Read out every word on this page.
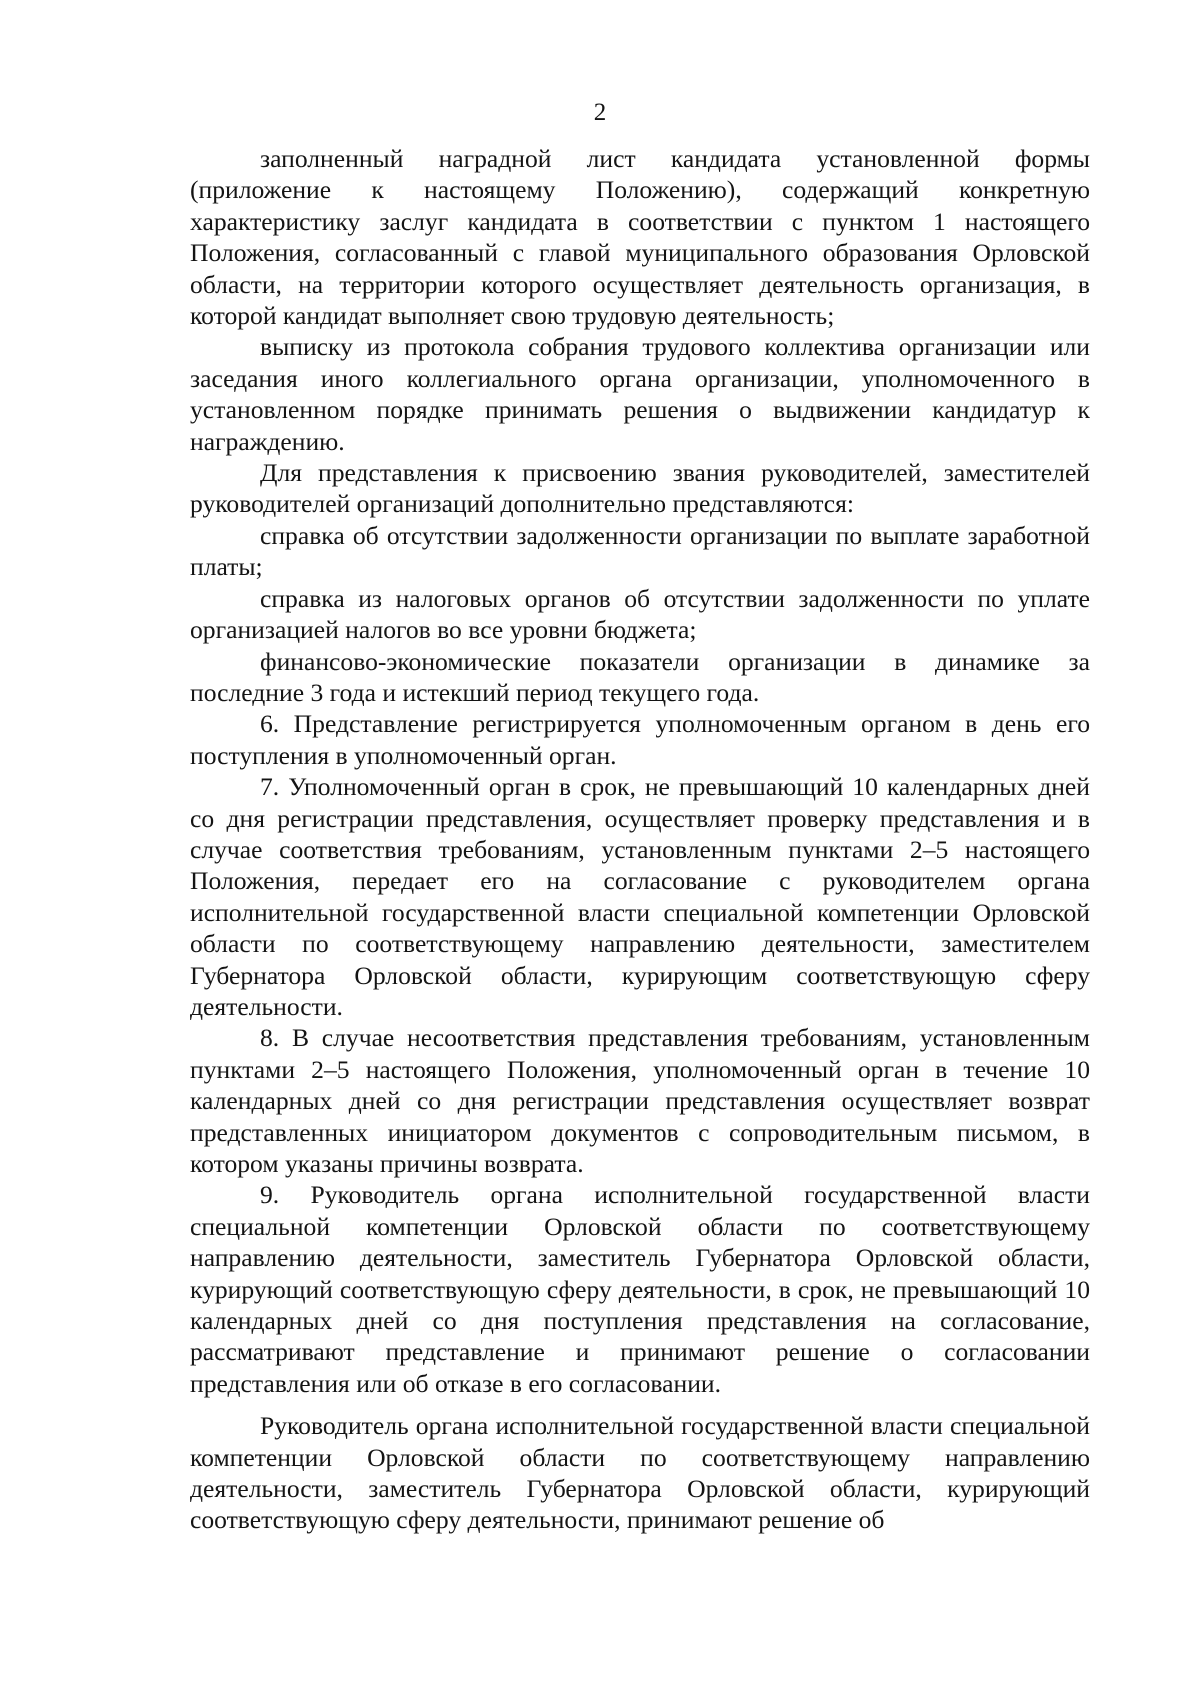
2

заполненный наградной лист кандидата установленной формы (приложение к настоящему Положению), содержащий конкретную характеристику заслуг кандидата в соответствии с пунктом 1 настоящего Положения, согласованный с главой муниципального образования Орловской области, на территории которого осуществляет деятельность организация, в которой кандидат выполняет свою трудовую деятельность;

выписку из протокола собрания трудового коллектива организации или заседания иного коллегиального органа организации, уполномоченного в установленном порядке принимать решения о выдвижении кандидатур к награждению.

Для представления к присвоению звания руководителей, заместителей руководителей организаций дополнительно представляются:

справка об отсутствии задолженности организации по выплате заработной платы;

справка из налоговых органов об отсутствии задолженности по уплате организацией налогов во все уровни бюджета;

финансово-экономические показатели организации в динамике за последние 3 года и истекший период текущего года.

6. Представление регистрируется уполномоченным органом в день его поступления в уполномоченный орган.

7. Уполномоченный орган в срок, не превышающий 10 календарных дней со дня регистрации представления, осуществляет проверку представления и в случае соответствия требованиям, установленным пунктами 2–5 настоящего Положения, передает его на согласование с руководителем органа исполнительной государственной власти специальной компетенции Орловской области по соответствующему направлению деятельности, заместителем Губернатора Орловской области, курирующим соответствующую сферу деятельности.

8. В случае несоответствия представления требованиям, установленным пунктами 2–5 настоящего Положения, уполномоченный орган в течение 10 календарных дней со дня регистрации представления осуществляет возврат представленных инициатором документов с сопроводительным письмом, в котором указаны причины возврата.

9. Руководитель органа исполнительной государственной власти специальной компетенции Орловской области по соответствующему направлению деятельности, заместитель Губернатора Орловской области, курирующий соответствующую сферу деятельности, в срок, не превышающий 10 календарных дней со дня поступления представления на согласование, рассматривают представление и принимают решение о согласовании представления или об отказе в его согласовании.

Руководитель органа исполнительной государственной власти специальной компетенции Орловской области по соответствующему направлению деятельности, заместитель Губернатора Орловской области, курирующий соответствующую сферу деятельности, принимают решение об
